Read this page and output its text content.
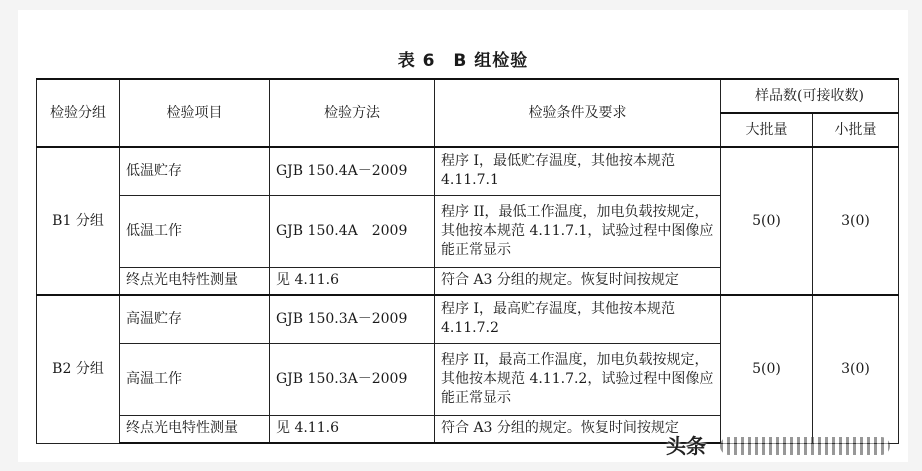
表 6　B 组检验
检验分组	检验项目	检验方法	检验条件及要求	样品数(可接收数)	
				大批量	小批量
B1 分组	低温贮存	GJB 150.4A－2009	程序 I，最低贮存温度，其他按本规范 4.11.7.1	5(0)	3(0)
	低温工作	GJB 150.4A　2009	程序 II，最低工作温度，加电负载按规定，其他按本规范 4.11.7.1，试验过程中图像应能正常显示		
	终点光电特性测量	见 4.11.6	符合 A3 分组的规定。恢复时间按规定		
B2 分组	高温贮存	GJB 150.3A－2009	程序 I，最高贮存温度，其他按本规范 4.11.7.2	5(0)	3(0)
	高温工作	GJB 150.3A－2009	程序 II，最高工作温度，加电负载按规定，其他按本规范 4.11.7.2，试验过程中图像应能正常显示		
	终点光电特性测量	见 4.11.6	符合 A3 分组的规定。恢复时间按规定		
头条
